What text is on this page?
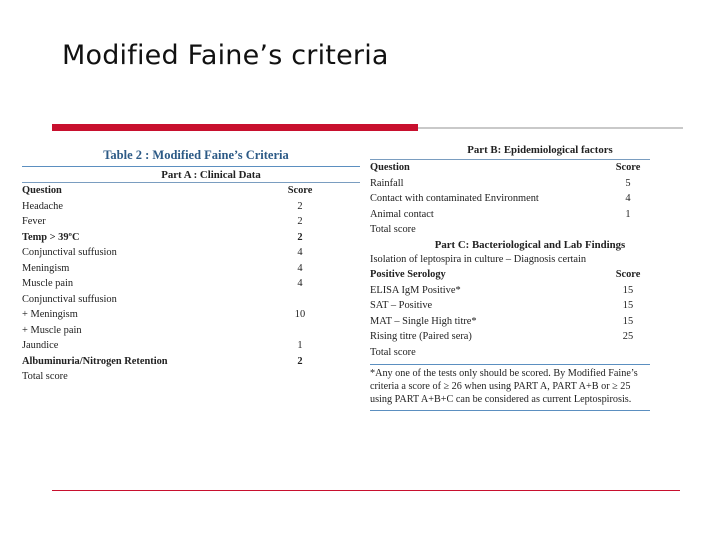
Modified Faine’s criteria
Table 2 : Modified Faine’s Criteria
Part A : Clinical Data
Question	Score
Headache	2
Fever	2
Temp > 39ºC	2
Conjunctival suffusion	4
Meningism	4
Muscle pain	4
Conjunctival suffusion
+ Meningism	10
+ Muscle pain
Jaundice	1
Albuminuria/Nitrogen Retention	2
Total score
Part B: Epidemiological factors
Question	Score
Rainfall	5
Contact with contaminated Environment	4
Animal contact	1
Total score
Part C: Bacteriological and Lab Findings
Isolation of leptospira in culture – Diagnosis certain
Positive Serology	Score
ELISA IgM Positive*	15
SAT – Positive	15
MAT – Single High titre*	15
Rising titre (Paired sera)	25
Total score
*Any one of the tests only should be scored. By Modified Faine’s criteria a score of ≥ 26 when using PART A, PART A+B or ≥ 25 using PART A+B+C can be considered as current Leptospirosis.
